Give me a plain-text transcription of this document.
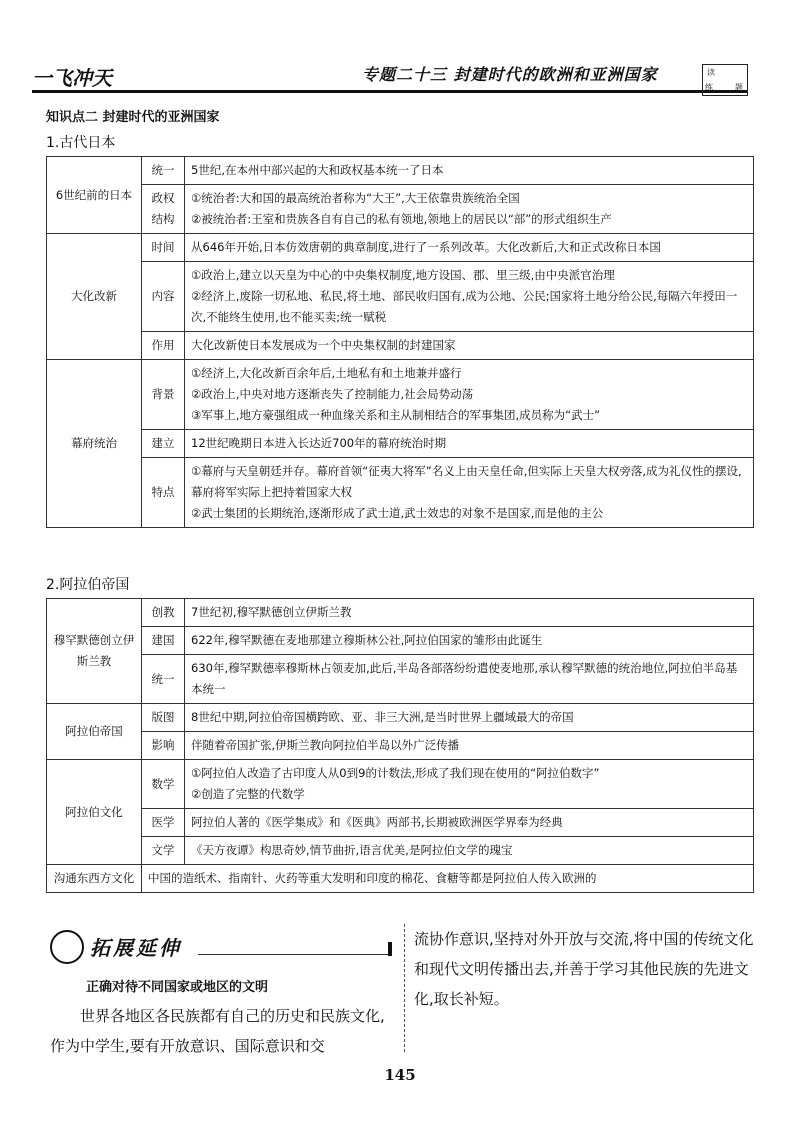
一飞冲天	专题二十三 封建时代的欧洲和亚洲国家	读
练	题
知识点二 封建时代的亚洲国家
1.古代日本
6世纪前的日本	统一	5世纪,在本州中部兴起的大和政权基本统一了日本

	政权结构	①统治者:大和国的最高统治者称为“大王”,大王依靠贵族统治全国

②被统治者:王室和贵族各自有自己的私有领地,领地上的居民以“部”的形式组织生产

大化改新	时间	从646年开始,日本仿效唐朝的典章制度,进行了一系列改革。大化改新后,大和正式改称日本国

	内容	①政治上,建立以天皇为中心的中央集权制度,地方设国、郡、里三级,由中央派官治理

②经济上,废除一切私地、私民,将土地、部民收归国有,成为公地、公民;国家将土地分给公民,每隔六年授田一次,不能终生使用,也不能买卖;统一赋税

	作用	大化改新使日本发展成为一个中央集权制的封建国家

幕府统治	背景	①经济上,大化改新百余年后,土地私有和土地兼并盛行

②政治上,中央对地方逐渐丧失了控制能力,社会局势动荡

③军事上,地方豪强组成一种血缘关系和主从制相结合的军事集团,成员称为“武士”

	建立	12世纪晚期日本进入长达近700年的幕府统治时期

	特点	①幕府与天皇朝廷并存。幕府首领“征夷大将军”名义上由天皇任命,但实际上天皇大权旁落,成为礼仪性的摆设,幕府将军实际上把持着国家大权

②武士集团的长期统治,逐渐形成了武士道,武士效忠的对象不是国家,而是他的主公

2.阿拉伯帝国
穆罕默德创立伊斯兰教	创教	7世纪初,穆罕默德创立伊斯兰教

	建国	622年,穆罕默德在麦地那建立穆斯林公社,阿拉伯国家的雏形由此诞生

	统一	630年,穆罕默德率穆斯林占领麦加,此后,半岛各部落纷纷遣使麦地那,承认穆罕默德的统治地位,阿拉伯半岛基本统一

阿拉伯帝国	版图	8世纪中期,阿拉伯帝国横跨欧、亚、非三大洲,是当时世界上疆域最大的帝国

	影响	伴随着帝国扩张,伊斯兰教向阿拉伯半岛以外广泛传播

阿拉伯文化	数学	①阿拉伯人改造了古印度人从0到9的计数法,形成了我们现在使用的“阿拉伯数字”

②创造了完整的代数学

	医学	阿拉伯人著的《医学集成》和《医典》两部书,长期被欧洲医学界奉为经典

	文学	《天方夜谭》构思奇妙,情节曲折,语言优美,是阿拉伯文学的瑰宝

沟通东西方文化	中国的造纸术、指南针、火药等重大发明和印度的棉花、食糖等都是阿拉伯人传入欧洲的	

拓展延伸
正确对待不同国家或地区的文明

世界各地区各民族都有自己的历史和民族文化,作为中学生,要有开放意识、国际意识和交

流协作意识,坚持对外开放与交流,将中国的传统文化和现代文明传播出去,并善于学习其他民族的先进文化,取长补短。

145
